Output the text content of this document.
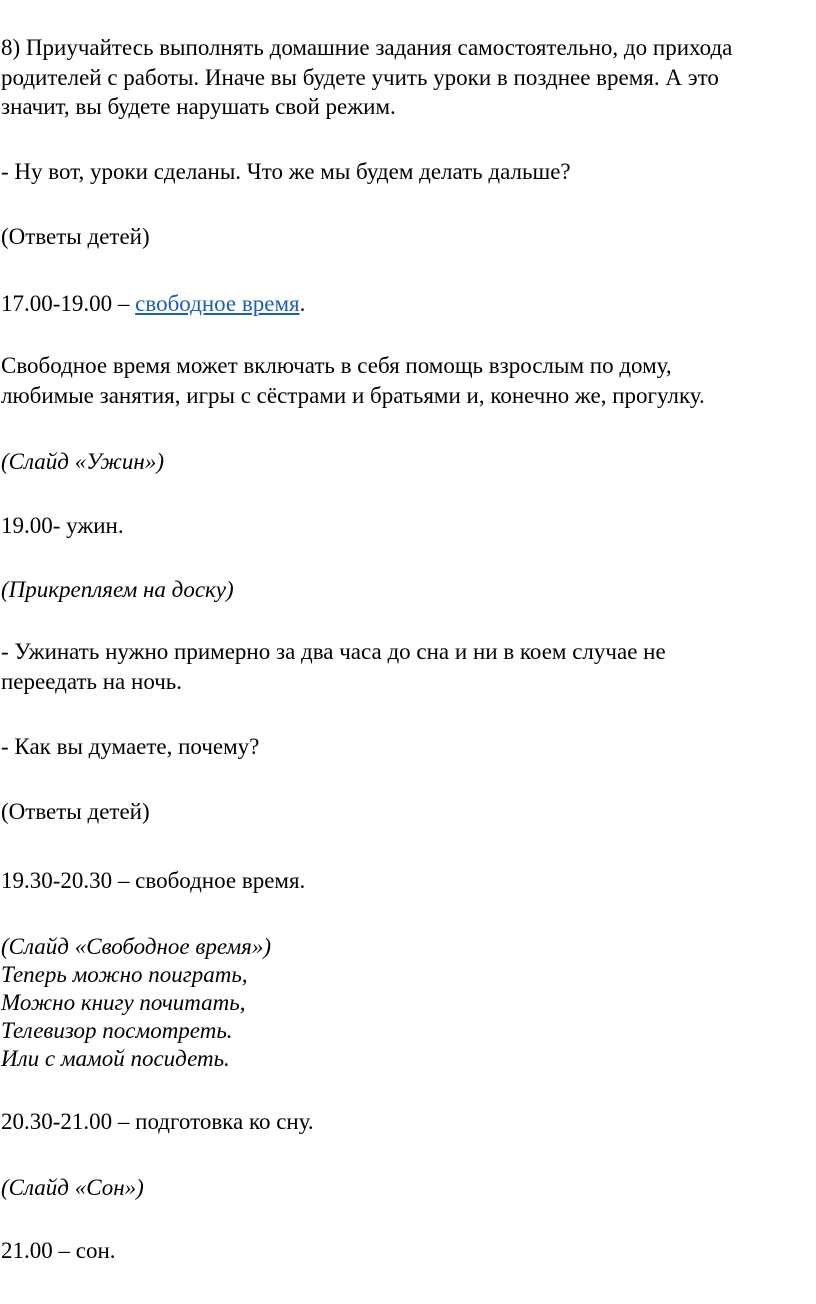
8) Приучайтесь выполнять домашние задания самостоятельно, до прихода
родителей с работы. Иначе вы будете учить уроки в позднее время. А это
значит, вы будете нарушать свой режим.
- Ну вот, уроки сделаны. Что же мы будем делать дальше?
(Ответы детей)
17.00-19.00 – свободное время.
Свободное время может включать в себя помощь взрослым по дому,
любимые занятия, игры с сёстрами и братьями и, конечно же, прогулку.
(Слайд «Ужин»)
19.00- ужин.
(Прикрепляем на доску)
- Ужинать нужно примерно за два часа до сна и ни в коем случае не
переедать на ночь.
- Как вы думаете, почему?
(Ответы детей)
19.30-20.30 – свободное время.
(Слайд «Свободное время»)
Теперь можно поиграть,
Можно книгу почитать,
Телевизор посмотреть.
Или с мамой посидеть.
20.30-21.00 – подготовка ко сну.
(Слайд «Сон»)
21.00 – сон.
